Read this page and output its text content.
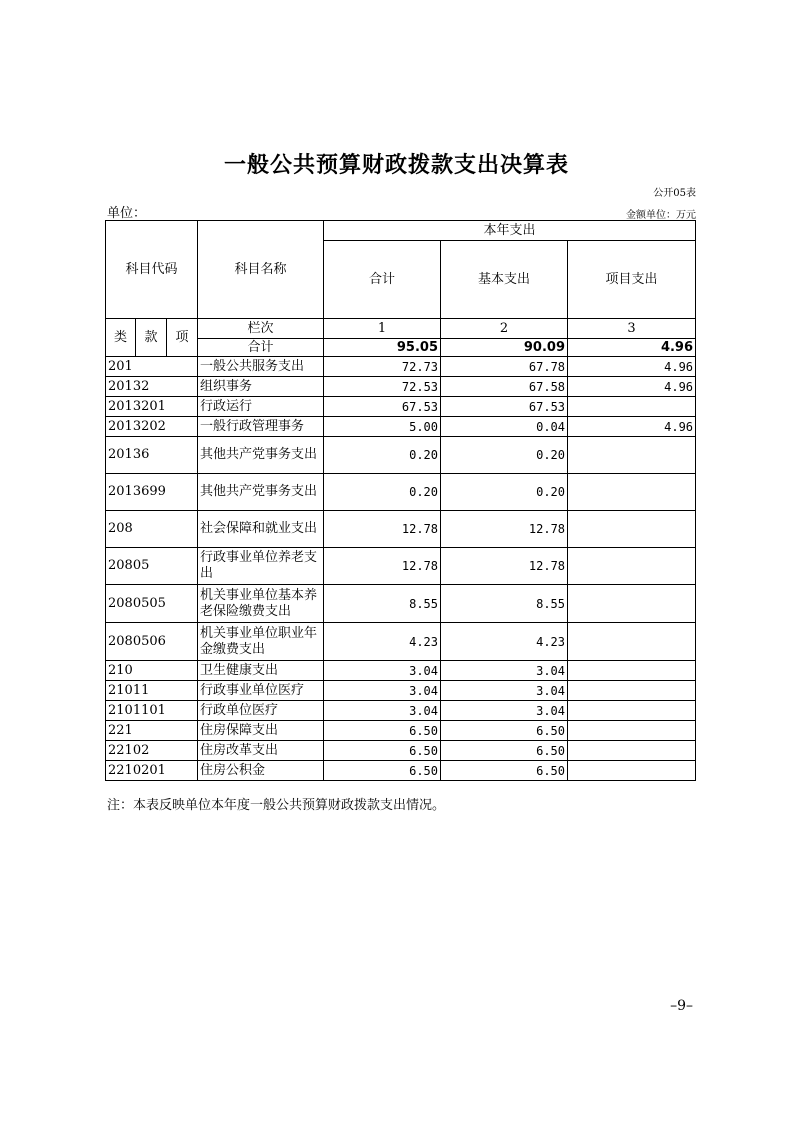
一般公共预算财政拨款支出决算表
公开05表
单位：	金额单位：万元
科目代码			科目名称	本年支出		
				合计	基本支出	项目支出
类	款	项	栏次	1	2	3
			合计	95.05	90.09	4.96
201			一般公共服务支出	72.73	67.78	4.96
20132			组织事务	72.53	67.58	4.96
2013201			行政运行	67.53	67.53	
2013202			一般行政管理事务	5.00	0.04	4.96
20136			其他共产党事务支出	0.20	0.20	
2013699			其他共产党事务支出	0.20	0.20	
208			社会保障和就业支出	12.78	12.78	
20805			行政事业单位养老支出	12.78	12.78	
2080505			机关事业单位基本养老保险缴费支出	8.55	8.55	
2080506			机关事业单位职业年金缴费支出	4.23	4.23	
210			卫生健康支出	3.04	3.04	
21011			行政事业单位医疗	3.04	3.04	
2101101			行政单位医疗	3.04	3.04	
221			住房保障支出	6.50	6.50	
22102			住房改革支出	6.50	6.50	
2210201			住房公积金	6.50	6.50	
注：本表反映单位本年度一般公共预算财政拨款支出情况。
–9–
